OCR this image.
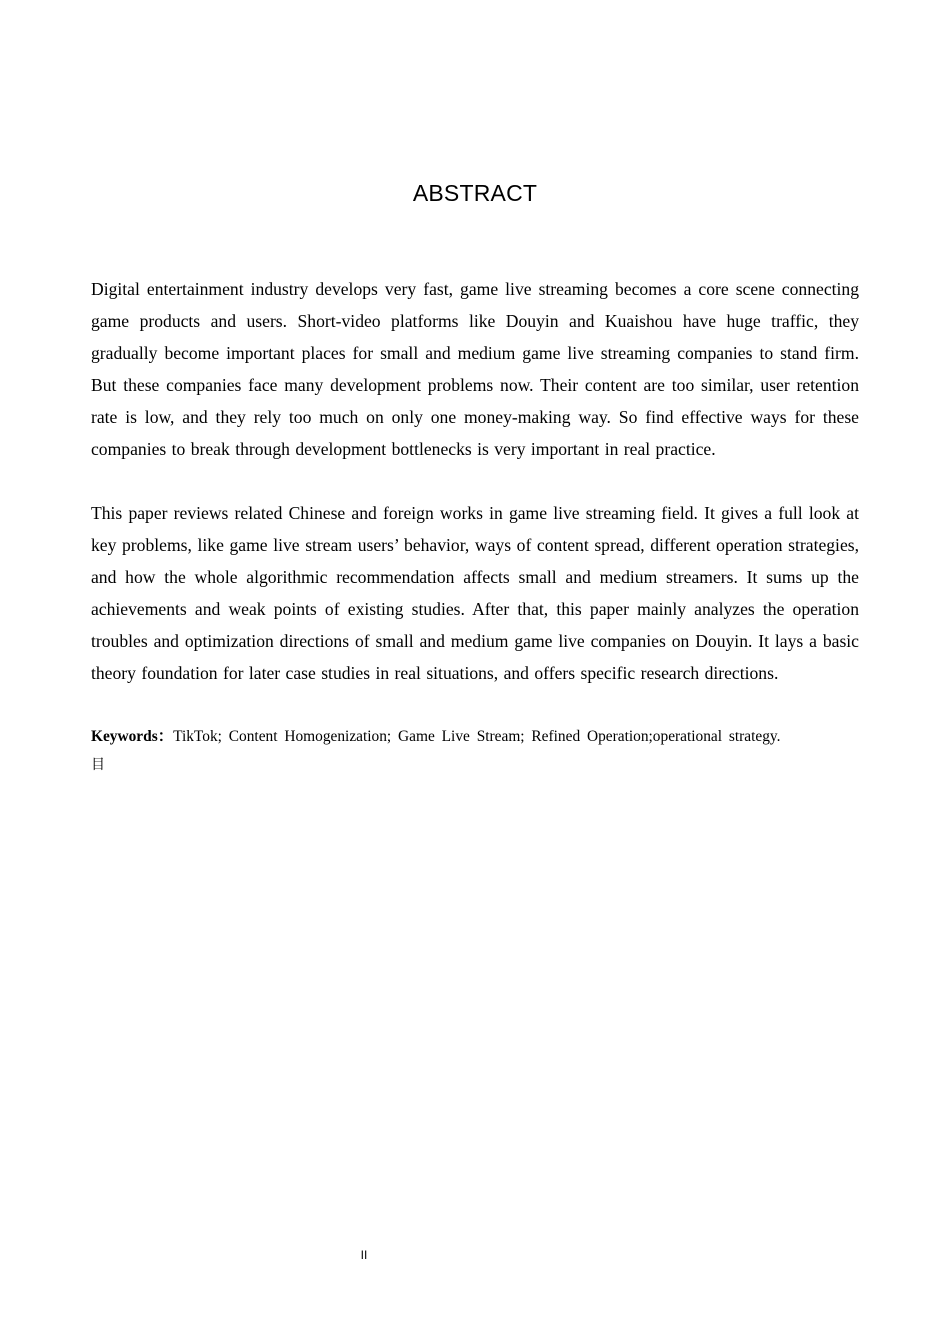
ABSTRACT

Digital entertainment industry develops very fast, game live streaming becomes a core scene connecting game products and users. Short-video platforms like Douyin and Kuaishou have huge traffic, they gradually become important places for small and medium game live streaming companies to stand firm. But these companies face many development problems now. Their content are too similar, user retention rate is low, and they rely too much on only one money-making way. So find effective ways for these companies to break through development bottlenecks is very important in real practice.

This paper reviews related Chinese and foreign works in game live streaming field. It gives a full look at key problems, like game live stream users’ behavior, ways of content spread, different operation strategies, and how the whole algorithmic recommendation affects small and medium streamers. It sums up the achievements and weak points of existing studies. After that, this paper mainly analyzes the operation troubles and optimization directions of small and medium game live companies on Douyin. It lays a basic theory foundation for later case studies in real situations, and offers specific research directions.

Keywords：TikTok; Content Homogenization; Game Live Stream; Refined Operation;operational strategy.
目
II
